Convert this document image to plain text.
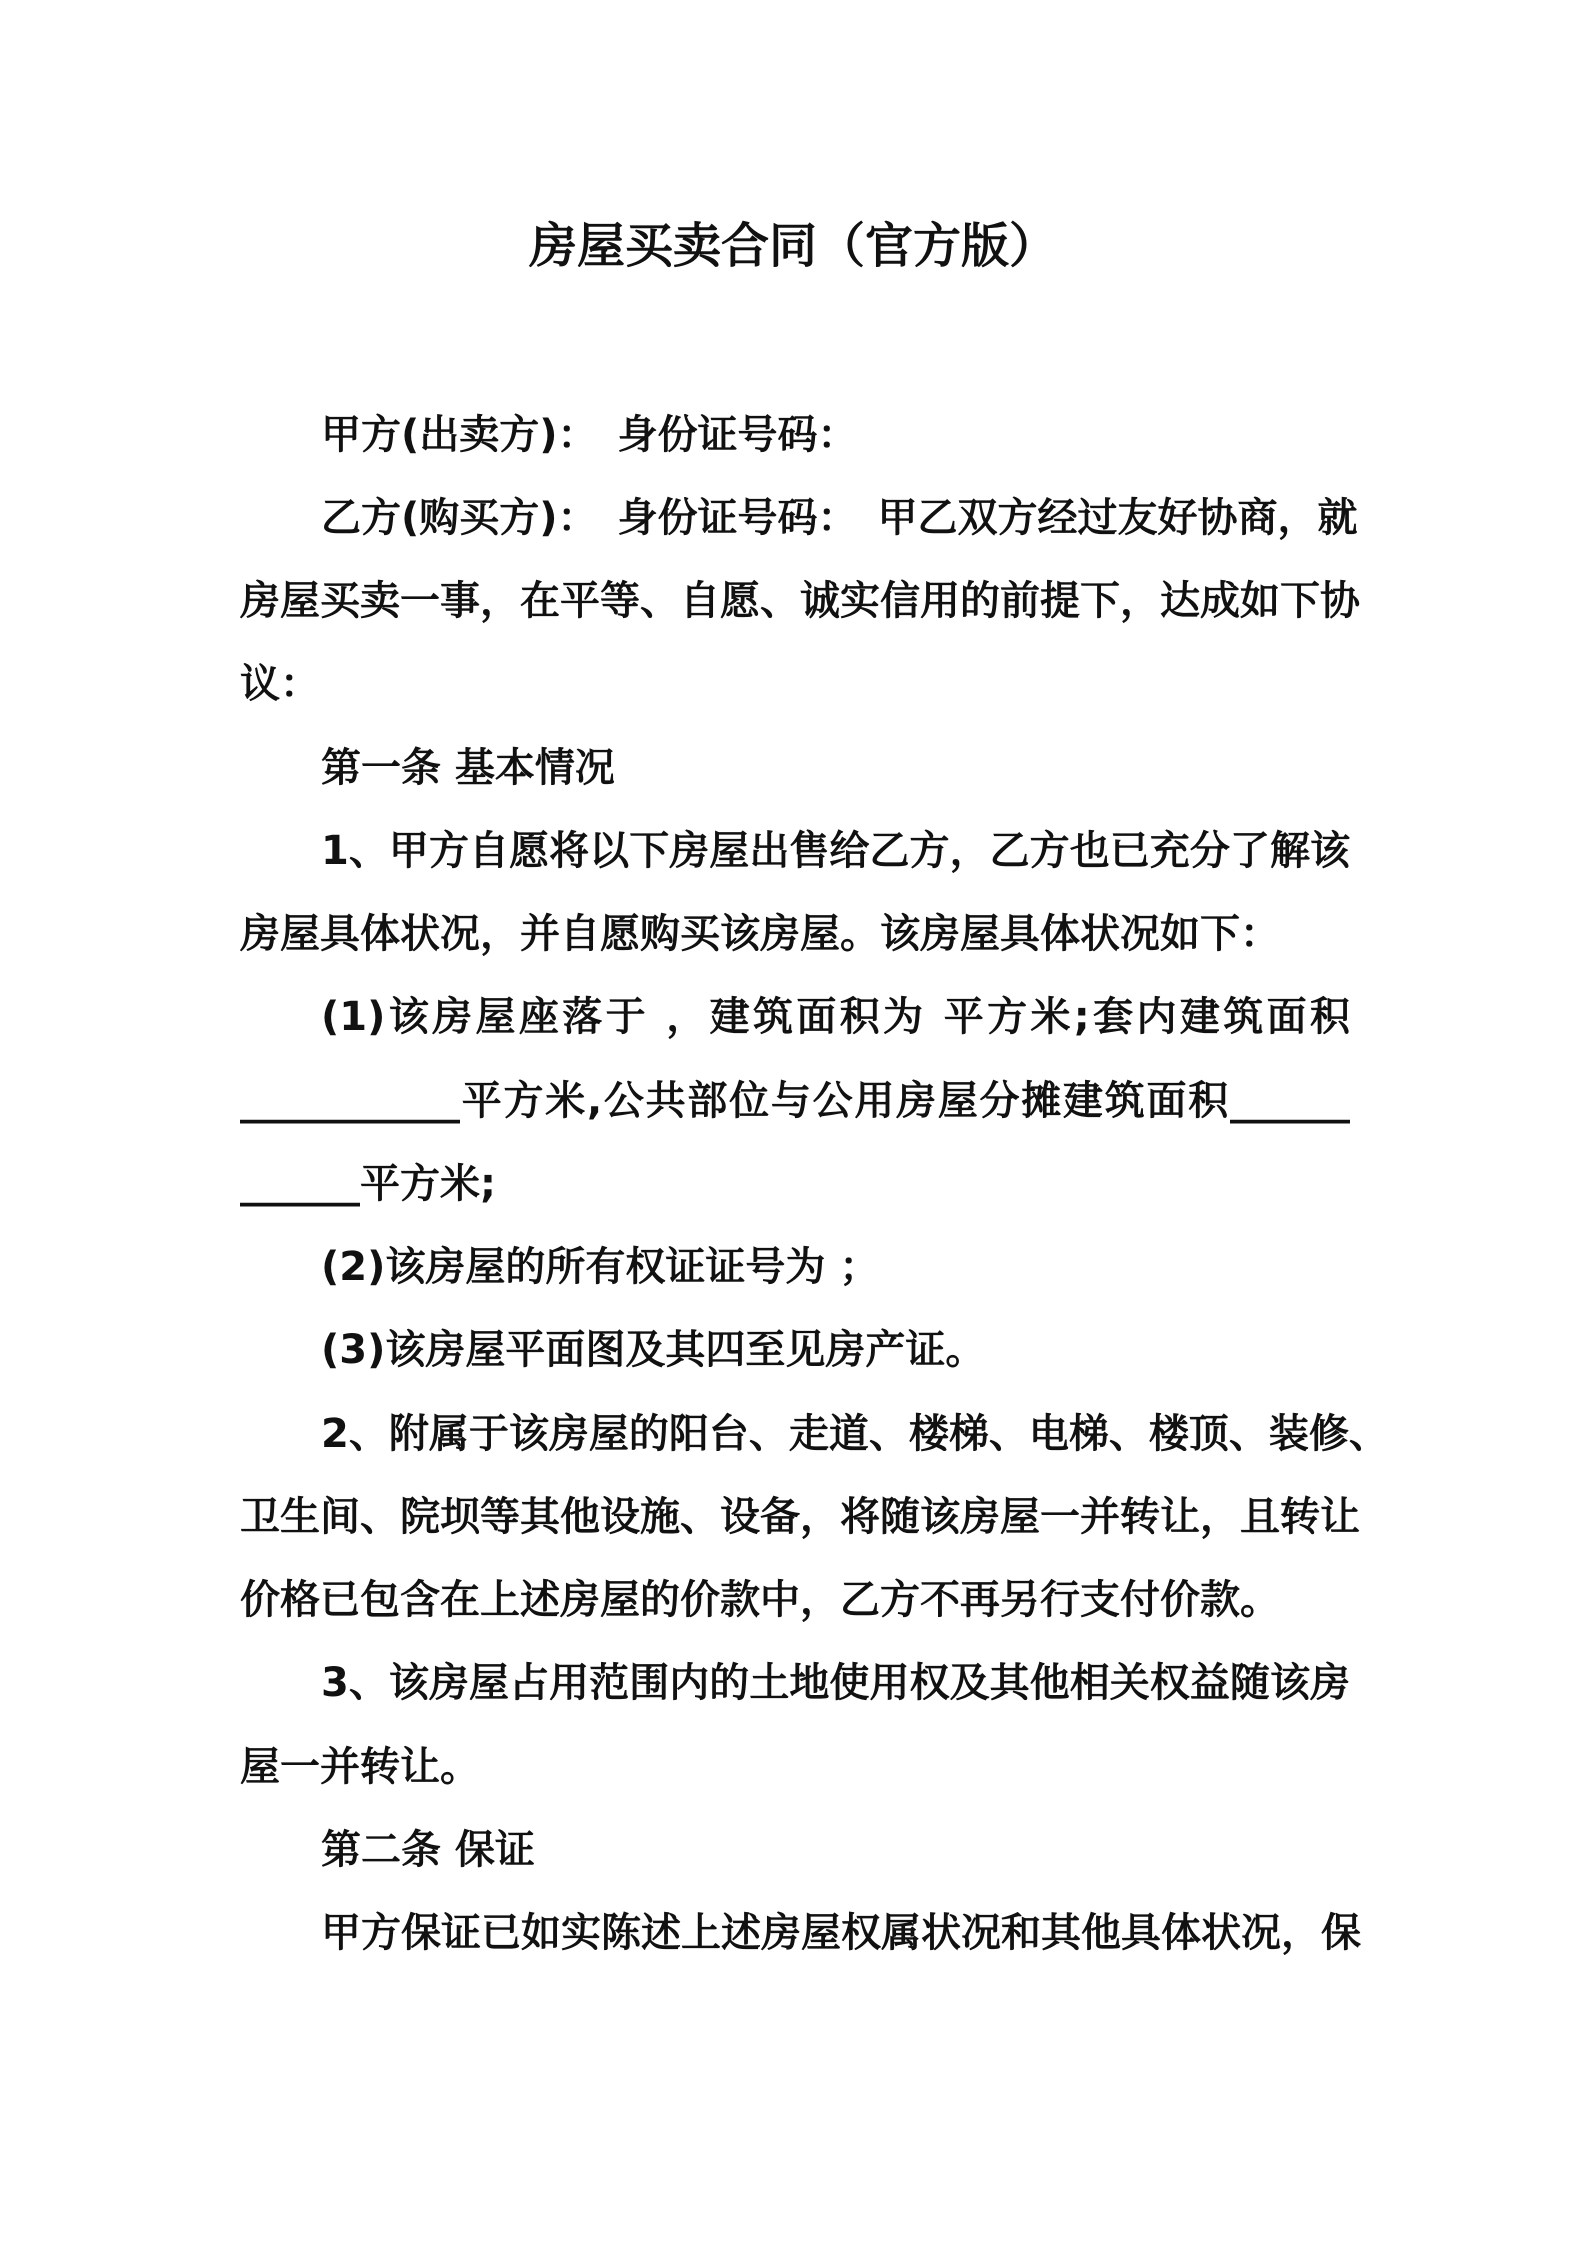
房屋买卖合同（官方版）
甲方(出卖方)：　身份证号码：
乙方(购买方)：　身份证号码：　甲乙双方经过友好协商，就
房屋买卖一事，在平等、自愿、诚实信用的前提下，达成如下协
议：
第一条 基本情况
1、甲方自愿将以下房屋出售给乙方，乙方也已充分了解该
房屋具体状况，并自愿购买该房屋。该房屋具体状况如下：
(1)该房屋座落于 ，建筑面积为 平方米;套内建筑面积
___________平方米,公共部位与公用房屋分摊建筑面积______
______平方米;
(2)该房屋的所有权证证号为 ；
(3)该房屋平面图及其四至见房产证。
2、附属于该房屋的阳台、走道、楼梯、电梯、楼顶、装修、
卫生间、院坝等其他设施、设备，将随该房屋一并转让，且转让
价格已包含在上述房屋的价款中，乙方不再另行支付价款。
3、该房屋占用范围内的土地使用权及其他相关权益随该房
屋一并转让。
第二条 保证
甲方保证已如实陈述上述房屋权属状况和其他具体状况，保
